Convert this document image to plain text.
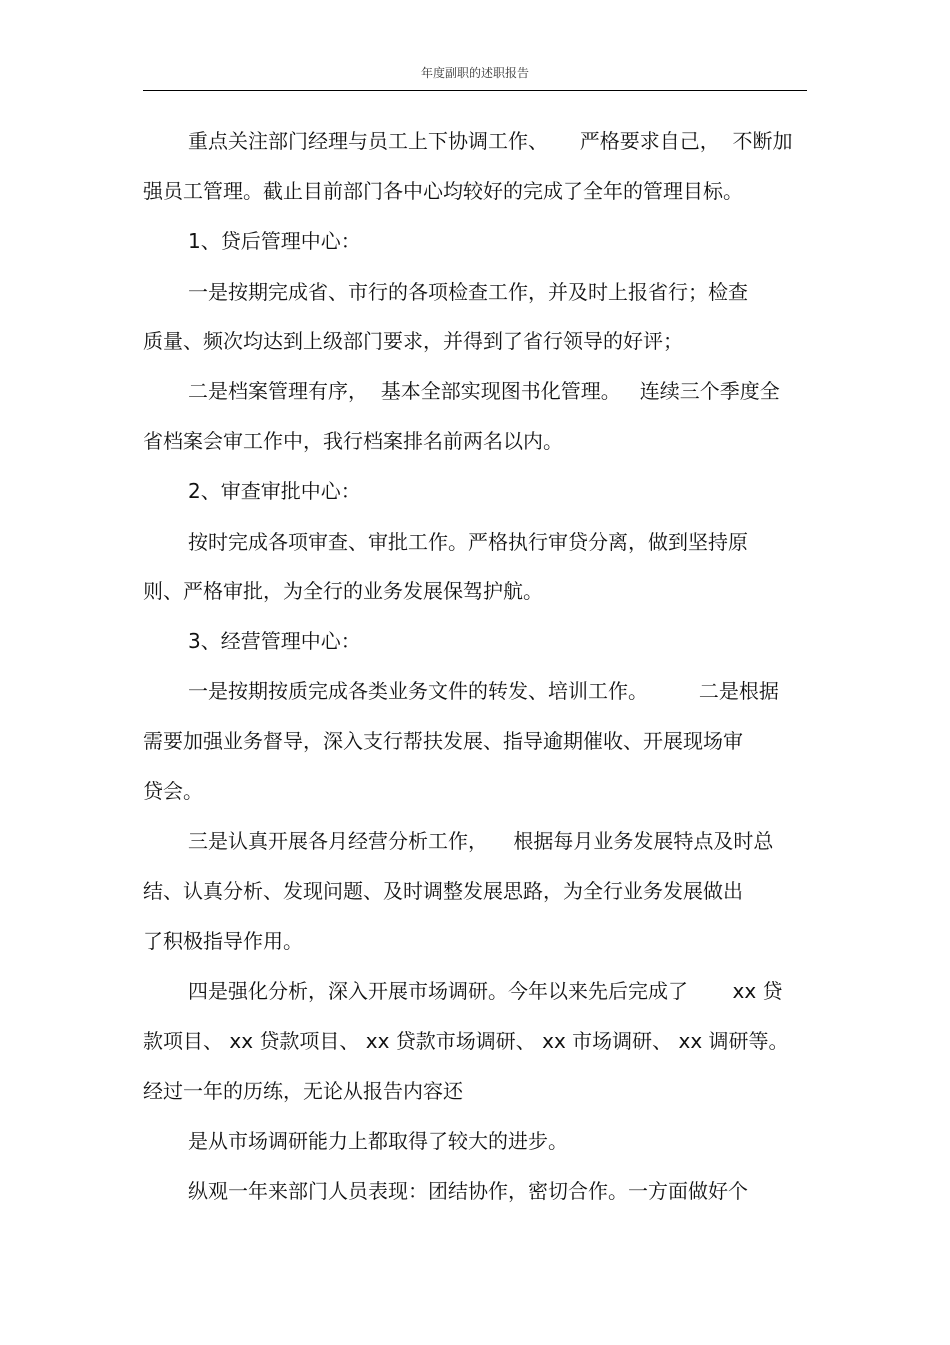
年度副职的述职报告
重点关注部门经理与员工上下协调工作、     严格要求自己，  不断加
强员工管理。截止目前部门各中心均较好的完成了全年的管理目标。
1、贷后管理中心：
一是按期完成省、市行的各项检查工作，并及时上报省行；检查
质量、频次均达到上级部门要求，并得到了省行领导的好评；
二是档案管理有序，  基本全部实现图书化管理。   连续三个季度全
省档案会审工作中，我行档案排名前两名以内。
2、审查审批中心：
按时完成各项审查、审批工作。严格执行审贷分离，做到坚持原
则、严格审批，为全行的业务发展保驾护航。
3、经营管理中心：
一是按期按质完成各类业务文件的转发、培训工作。        二是根据
需要加强业务督导，深入支行帮扶发展、指导逾期催收、开展现场审
贷会。
三是认真开展各月经营分析工作，    根据每月业务发展特点及时总
结、认真分析、发现问题、及时调整发展思路，为全行业务发展做出
了积极指导作用。
四是强化分析，深入开展市场调研。今年以来先后完成了       xx 贷
款项目、 xx 贷款项目、 xx 贷款市场调研、 xx 市场调研、 xx 调研等。
经过一年的历练，无论从报告内容还
是从市场调研能力上都取得了较大的进步。
纵观一年来部门人员表现：团结协作，密切合作。一方面做好个
